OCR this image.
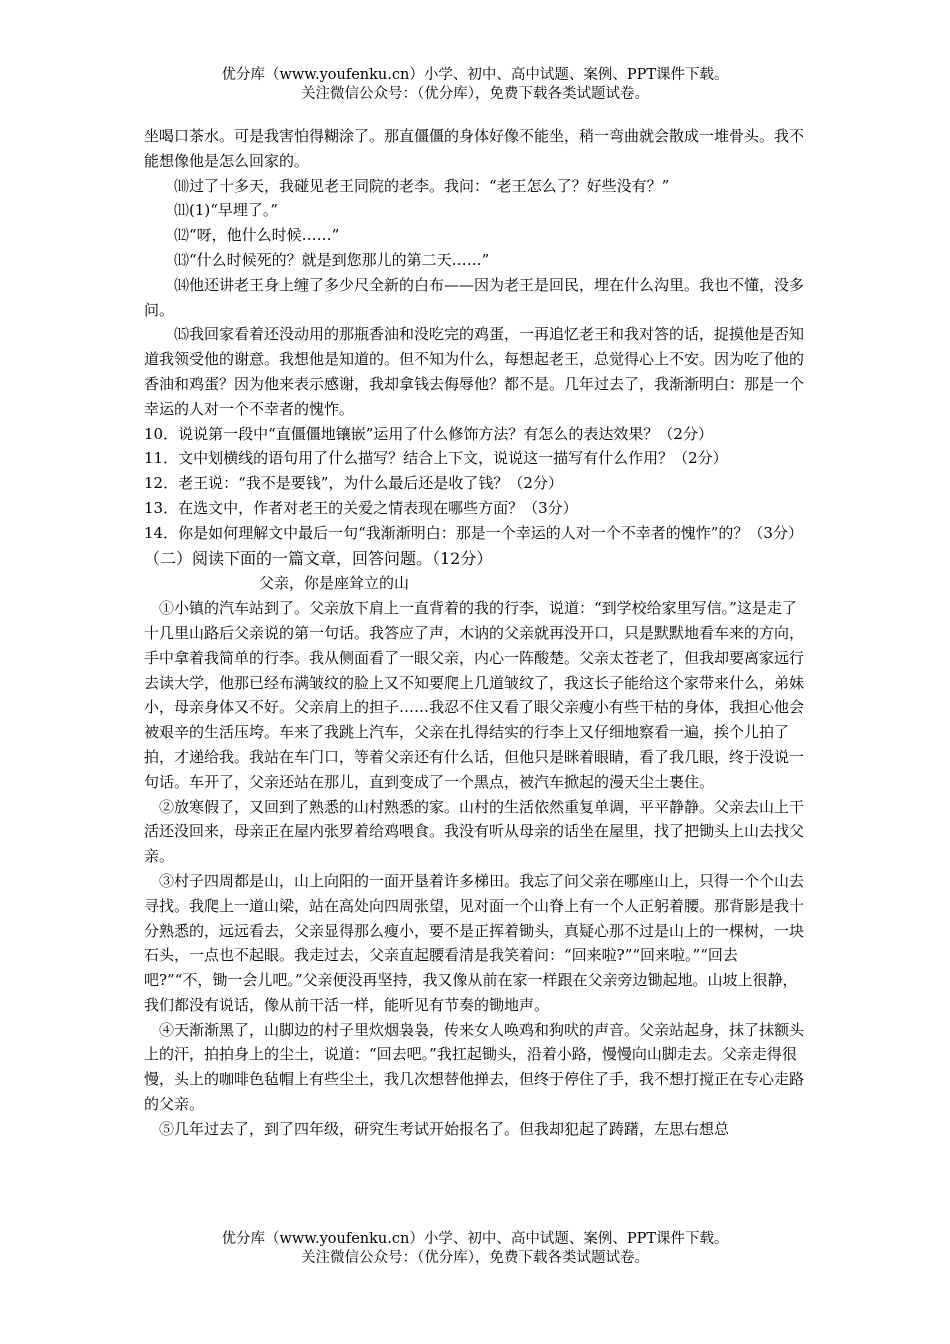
优分库（www.youfenku.cn）小学、初中、高中试题、案例、PPT课件下载。
关注微信公众号：（优分库），免费下载各类试题试卷。

坐喝口茶水。可是我害怕得糊涂了。那直僵僵的身体好像不能坐，稍一弯曲就会散成一堆骨头。我不能想像他是怎么回家的。

⑽过了十多天，我碰见老王同院的老李。我问：“老王怎么了？好些没有？”

⑾(1)“早埋了。”

⑿“呀，他什么时候……”

⒀“什么时候死的？就是到您那儿的第二天……”

⒁他还讲老王身上缠了多少尺全新的白布——因为老王是回民，埋在什么沟里。我也不懂，没多问。

⒂我回家看着还没动用的那瓶香油和没吃完的鸡蛋，一再追忆老王和我对答的话，捉摸他是否知道我领受他的谢意。我想他是知道的。但不知为什么，每想起老王，总觉得心上不安。因为吃了他的香油和鸡蛋？因为他来表示感谢，我却拿钱去侮辱他？都不是。几年过去了，我渐渐明白：那是一个幸运的人对一个不幸者的愧怍。

10．说说第一段中“直僵僵地镶嵌”运用了什么修饰方法？有怎么的表达效果？（2分）

11．文中划横线的语句用了什么描写？结合上下文，说说这一描写有什么作用？（2分）

12．老王说：“我不是要钱”，为什么最后还是收了钱？（2分）

13．在选文中，作者对老王的关爱之情表现在哪些方面？（3分）

14．你是如何理解文中最后一句“我渐渐明白：那是一个幸运的人对一个不幸者的愧怍”的？（3分）

（二）阅读下面的一篇文章，回答问题。（12分）

父亲，你是座耸立的山

①小镇的汽车站到了。父亲放下肩上一直背着的我的行李，说道：“到学校给家里写信。”这是走了十几里山路后父亲说的第一句话。我答应了声，木讷的父亲就再没开口，只是默默地看车来的方向，手中拿着我简单的行李。我从侧面看了一眼父亲，内心一阵酸楚。父亲太苍老了，但我却要离家远行去读大学，他那已经布满皱纹的脸上又不知要爬上几道皱纹了，我这长子能给这个家带来什么，弟妹小，母亲身体又不好。父亲肩上的担子……我忍不住又看了眼父亲瘦小有些干枯的身体，我担心他会被艰辛的生活压垮。车来了我跳上汽车，父亲在扎得结实的行李上又仔细地察看一遍，挨个儿拍了拍，才递给我。我站在车门口，等着父亲还有什么话，但他只是眯着眼睛，看了我几眼，终于没说一句话。车开了，父亲还站在那儿，直到变成了一个黑点，被汽车掀起的漫天尘土裹住。

②放寒假了，又回到了熟悉的山村熟悉的家。山村的生活依然重复单调，平平静静。父亲去山上干活还没回来，母亲正在屋内张罗着给鸡喂食。我没有听从母亲的话坐在屋里，找了把锄头上山去找父亲。

③村子四周都是山，山上向阳的一面开垦着许多梯田。我忘了问父亲在哪座山上，只得一个个山去寻找。我爬上一道山梁，站在高处向四周张望，见对面一个山脊上有一个人正躬着腰。那背影是我十分熟悉的，远远看去，父亲显得那么瘦小，要不是正挥着锄头，真疑心那不过是山上的一棵树，一块石头，一点也不起眼。我走过去，父亲直起腰看清是我笑着问：“回来啦?”“回来啦。”“回去吧?”“不，锄一会儿吧。”父亲便没再坚持，我又像从前在家一样跟在父亲旁边锄起地。山坡上很静，我们都没有说话，像从前干活一样，能听见有节奏的锄地声。

④天渐渐黑了，山脚边的村子里炊烟袅袅，传来女人唤鸡和狗吠的声音。父亲站起身，抹了抹额头上的汗，拍拍身上的尘土，说道：“回去吧。”我扛起锄头，沿着小路，慢慢向山脚走去。父亲走得很慢，头上的咖啡色毡帽上有些尘土，我几次想替他掸去，但终于停住了手，我不想打搅正在专心走路的父亲。

⑤几年过去了，到了四年级，研究生考试开始报名了。但我却犯起了踌躇，左思右想总

优分库（www.youfenku.cn）小学、初中、高中试题、案例、PPT课件下载。
关注微信公众号：（优分库），免费下载各类试题试卷。
